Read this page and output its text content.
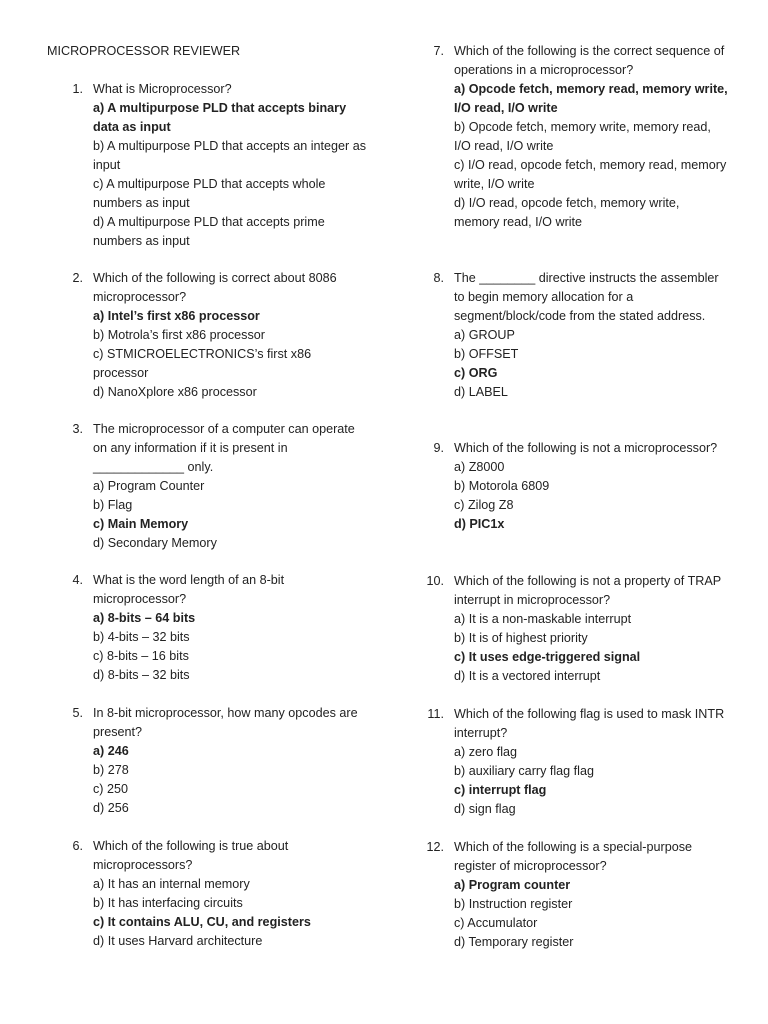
MICROPROCESSOR REVIEWER
1. What is Microprocessor?
a) A multipurpose PLD that accepts binary data as input
b) A multipurpose PLD that accepts an integer as input
c) A multipurpose PLD that accepts whole numbers as input
d) A multipurpose PLD that accepts prime numbers as input
2. Which of the following is correct about 8086 microprocessor?
a) Intel’s first x86 processor
b) Motrola’s first x86 processor
c) STMICROELECTRONICS’s first x86 processor
d) NanoXplore x86 processor
3. The microprocessor of a computer can operate on any information if it is present in _____________ only.
a) Program Counter
b) Flag
c) Main Memory
d) Secondary Memory
4. What is the word length of an 8-bit microprocessor?
a) 8-bits – 64 bits
b) 4-bits – 32 bits
c) 8-bits – 16 bits
d) 8-bits – 32 bits
5. In 8-bit microprocessor, how many opcodes are present?
a) 246
b) 278
c) 250
d) 256
6. Which of the following is true about microprocessors?
a) It has an internal memory
b) It has interfacing circuits
c) It contains ALU, CU, and registers
d) It uses Harvard architecture
7. Which of the following is the correct sequence of operations in a microprocessor?
a) Opcode fetch, memory read, memory write, I/O read, I/O write
b) Opcode fetch, memory write, memory read, I/O read, I/O write
c) I/O read, opcode fetch, memory read, memory write, I/O write
d) I/O read, opcode fetch, memory write, memory read, I/O write
8. The ________ directive instructs the assembler to begin memory allocation for a segment/block/code from the stated address.
a) GROUP
b) OFFSET
c) ORG
d) LABEL
9. Which of the following is not a microprocessor?
a) Z8000
b) Motorola 6809
c) Zilog Z8
d) PIC1x
10. Which of the following is not a property of TRAP interrupt in microprocessor?
a) It is a non-maskable interrupt
b) It is of highest priority
c) It uses edge-triggered signal
d) It is a vectored interrupt
11. Which of the following flag is used to mask INTR interrupt?
a) zero flag
b) auxiliary carry flag flag
c) interrupt flag
d) sign flag
12. Which of the following is a special-purpose register of microprocessor?
a) Program counter
b) Instruction register
c) Accumulator
d) Temporary register
